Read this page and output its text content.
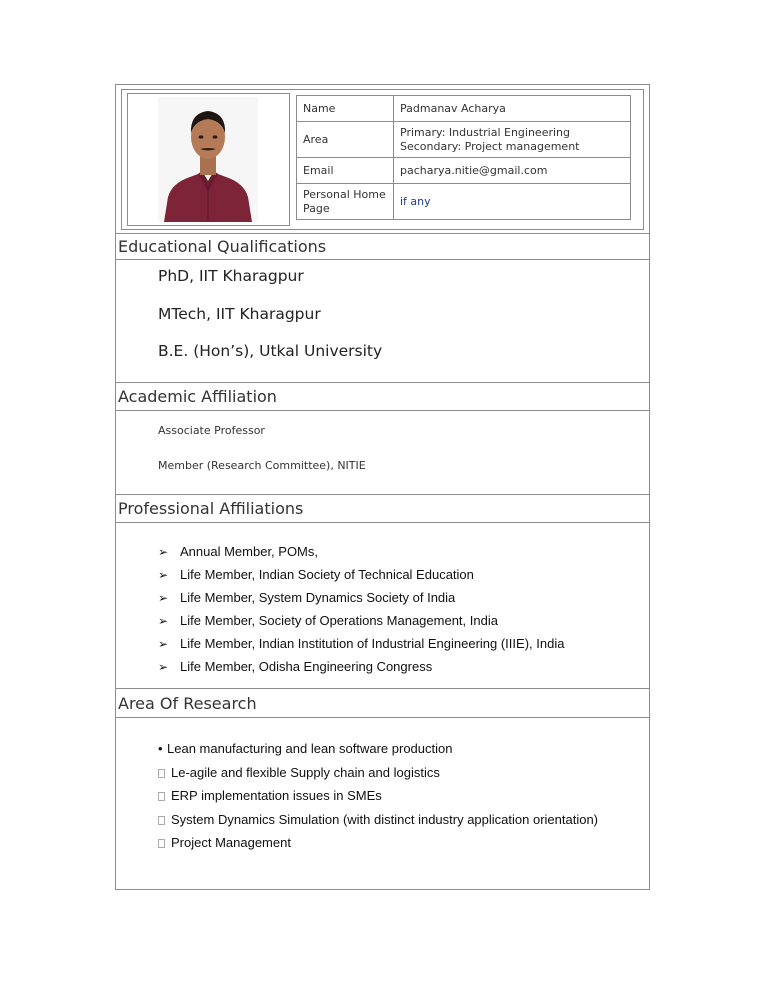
Name	Padmanav Acharya
Area	Primary: Industrial Engineering
Secondary: Project management

Email	pacharya.nitie@gmail.com

Personal Home
Page	if any
Educational Qualifications
PhD, IIT Kharagpur
MTech, IIT Kharagpur
B.E. (Hon’s), Utkal University
Academic Affiliation
Associate Professor
Member (Research Committee), NITIE
Professional Affiliations
➢ Annual Member, POMs,
➢ Life Member, Indian Society of Technical Education
➢ Life Member, System Dynamics Society of India
➢ Life Member, Society of Operations Management, India
➢ Life Member, Indian Institution of Industrial Engineering (IIIE), India
➢ Life Member, Odisha Engineering Congress
Area Of Research
• Lean manufacturing and lean software production
Le-agile and flexible Supply chain and logistics
ERP implementation issues in SMEs
System Dynamics Simulation (with distinct industry application orientation)
Project Management
